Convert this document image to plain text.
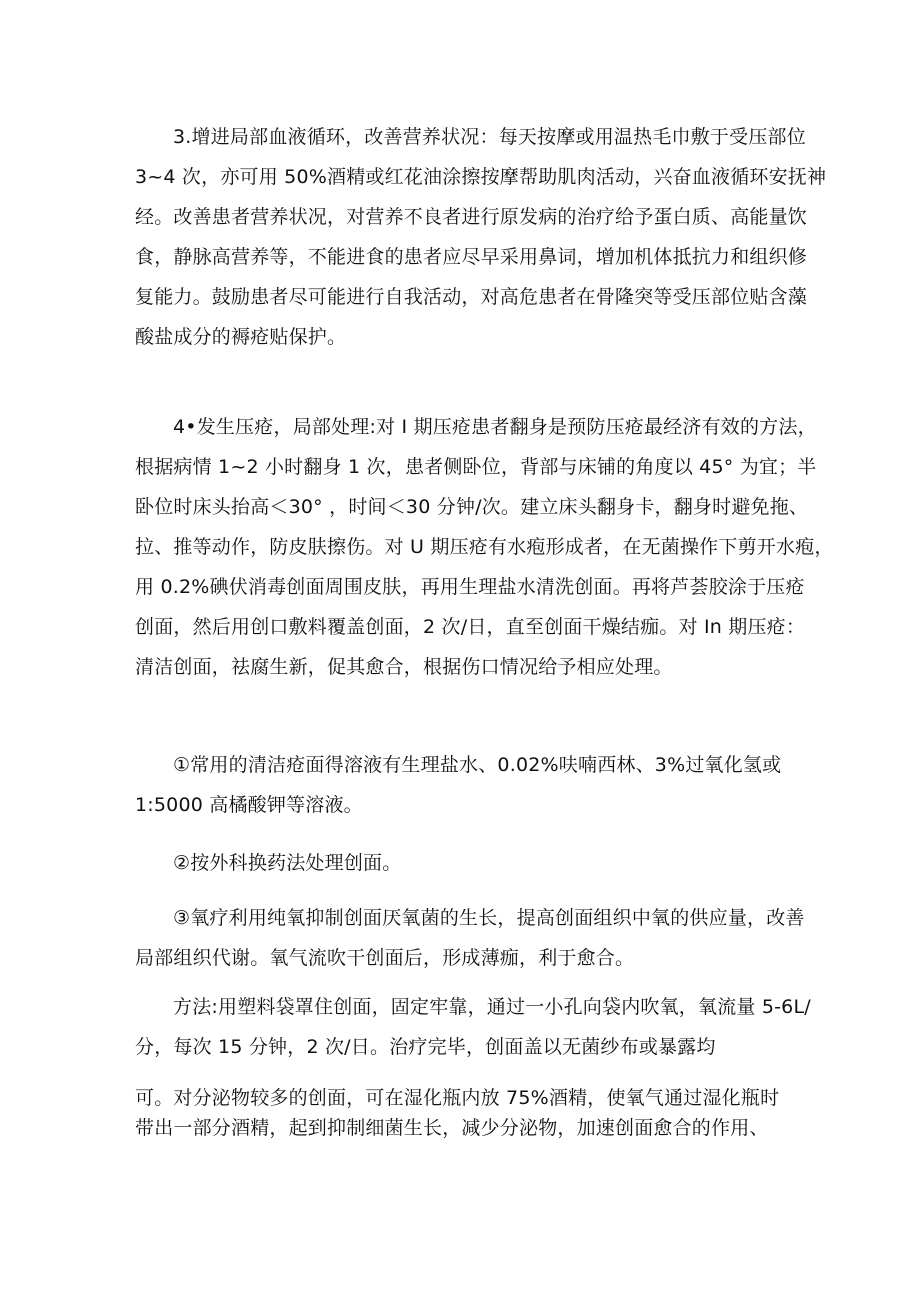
3.增进局部血液循环，改善营养状况：每天按摩或用温热毛巾敷于受压部位
3~4 次，亦可用 50%酒精或红花油涂擦按摩帮助肌肉活动，兴奋血液循环安抚神
经。改善患者营养状况，对营养不良者进行原发病的治疗给予蛋白质、高能量饮
食，静脉高营养等，不能进食的患者应尽早采用鼻词，增加机体抵抗力和组织修
复能力。鼓励患者尽可能进行自我活动，对高危患者在骨隆突等受压部位贴含藻
酸盐成分的褥疮贴保护。
4•发生压疮，局部处理:对 I 期压疮患者翻身是预防压疮最经济有效的方法，
根据病情 1~2 小时翻身 1 次，患者侧卧位，背部与床铺的角度以 45° 为宜；半
卧位时床头抬高＜30° ，时间＜30 分钟/次。建立床头翻身卡，翻身时避免拖、
拉、推等动作，防皮肤擦伤。对 U 期压疮有水疱形成者，在无菌操作下剪开水疱，
用 0.2%碘伏消毒创面周围皮肤，再用生理盐水清洗创面。再将芦荟胶涂于压疮
创面，然后用创口敷料覆盖创面，2 次/日，直至创面干燥结痂。对 In 期压疮：
清洁创面，祛腐生新，促其愈合，根据伤口情况给予相应处理。
①常用的清洁疮面得溶液有生理盐水、0.02%呋喃西林、3%过氧化氢或
1:5000 高橘酸钾等溶液。
②按外科换药法处理创面。
③氧疗利用纯氧抑制创面厌氧菌的生长，提高创面组织中氧的供应量，改善
局部组织代谢。氧气流吹干创面后，形成薄痂，利于愈合。
方法:用塑料袋罩住创面，固定牢靠，通过一小孔向袋内吹氧，氧流量 5-6L/
分，每次 15 分钟，2 次/日。治疗完毕，创面盖以无菌纱布或暴露均
可。对分泌物较多的创面，可在湿化瓶内放 75%酒精，使氧气通过湿化瓶时
带出一部分酒精，起到抑制细菌生长，减少分泌物，加速创面愈合的作用、
